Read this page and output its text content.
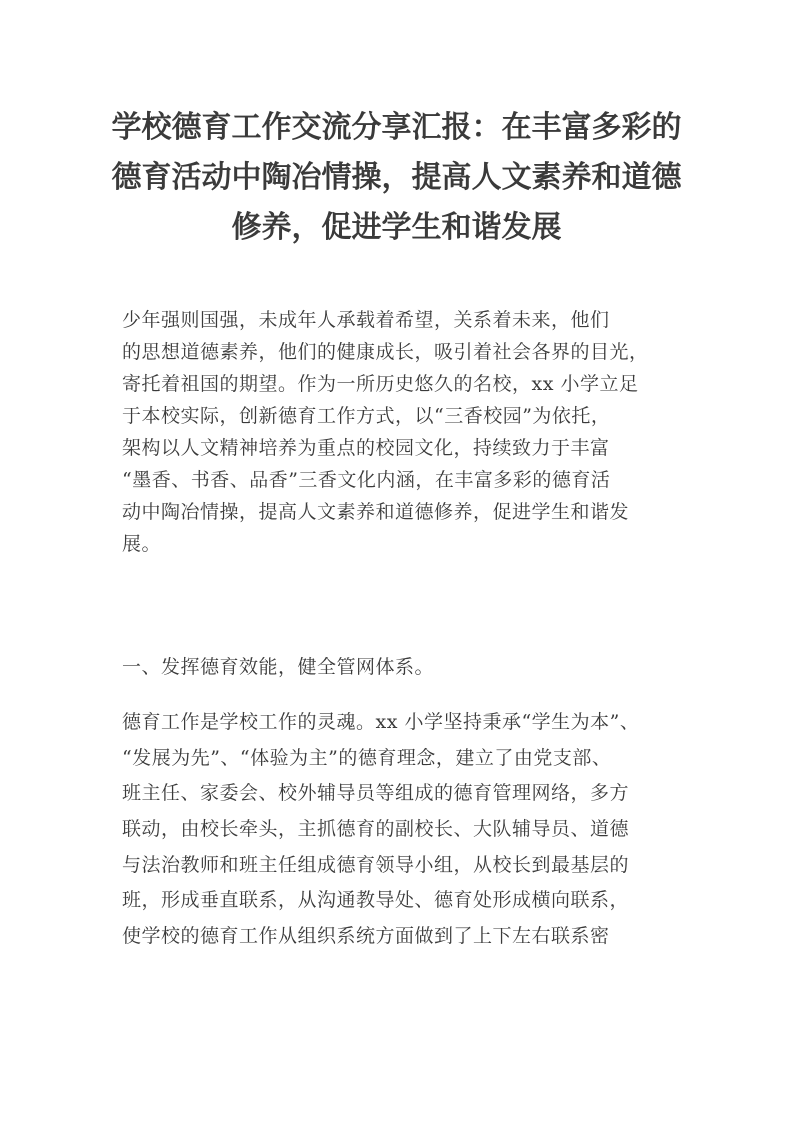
学校德育工作交流分享汇报：在丰富多彩的
德育活动中陶冶情操，提高人文素养和道德
修养，促进学生和谐发展
少年强则国强，未成年人承载着希望，关系着未来，他们
的思想道德素养，他们的健康成长，吸引着社会各界的目光，
寄托着祖国的期望。作为一所历史悠久的名校，xx 小学立足
于本校实际，创新德育工作方式，以“三香校园”为依托，
架构以人文精神培养为重点的校园文化，持续致力于丰富
“墨香、书香、品香”三香文化内涵，在丰富多彩的德育活
动中陶冶情操，提高人文素养和道德修养，促进学生和谐发
展。
一、发挥德育效能，健全管网体系。
德育工作是学校工作的灵魂。xx 小学坚持秉承“学生为本”、
“发展为先”、“体验为主”的德育理念，建立了由党支部、
班主任、家委会、校外辅导员等组成的德育管理网络，多方
联动，由校长牵头，主抓德育的副校长、大队辅导员、道德
与法治教师和班主任组成德育领导小组，从校长到最基层的
班，形成垂直联系，从沟通教导处、德育处形成横向联系，
使学校的德育工作从组织系统方面做到了上下左右联系密
